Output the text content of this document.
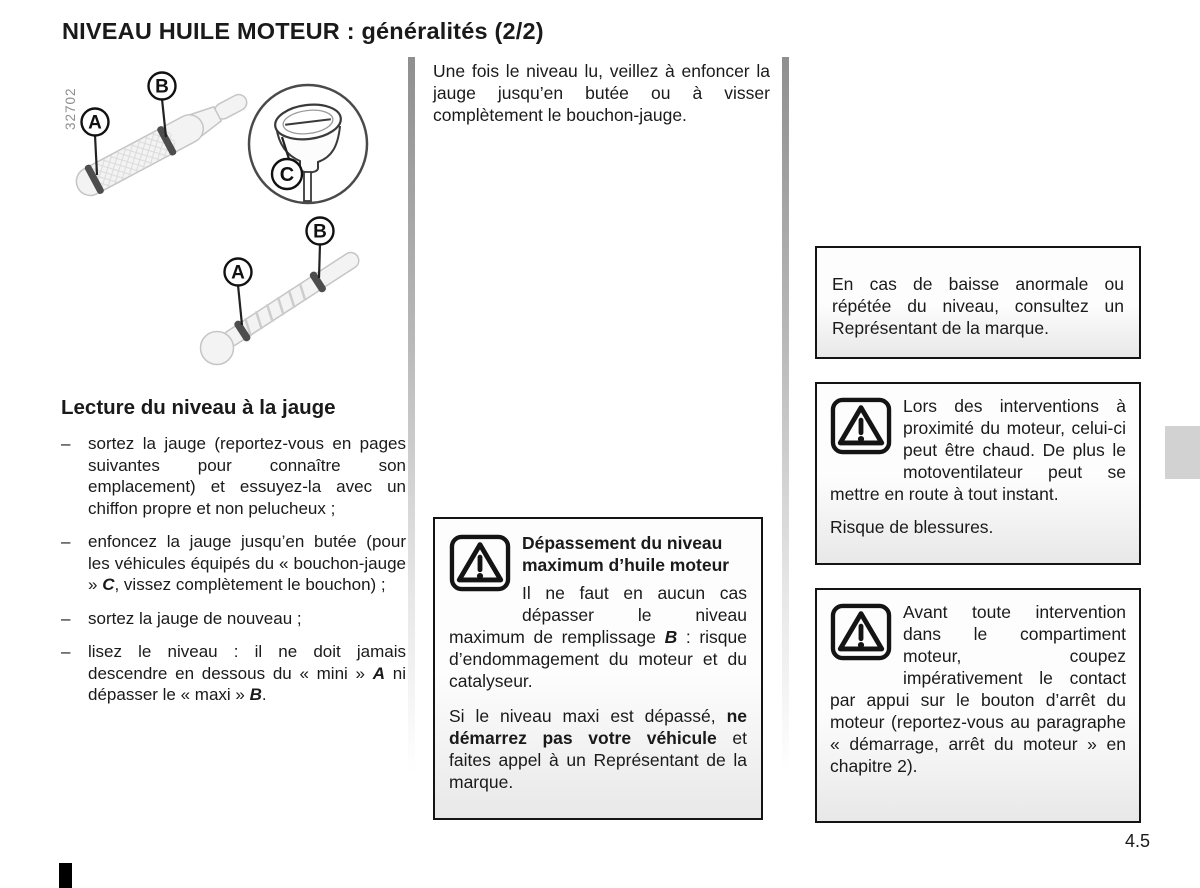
NIVEAU HUILE MOTEUR : généralités (2/2)
32702 A
B
C
A
B
Lecture du niveau à la jauge
–	sortez la jauge (reportez-vous en pages suivantes pour connaître son emplacement) et essuyez-la avec un chiffon propre et non pelucheux ;

–	enfoncez la jauge jusqu’en butée (pour les véhicules équipés du « bouchon-jauge » C, vissez complètement le bouchon) ;

–	sortez la jauge de nouveau ;

–	lisez le niveau : il ne doit jamais descendre en dessous du « mini » A ni dépasser le « maxi » B.

Une fois le niveau lu, veillez à enfoncer la jauge jusqu’en butée ou à visser complètement le bouchon-jauge.

Dépassement du niveau maximum d’huile moteur

Il ne faut en aucun cas dépasser le niveau maximum de remplissage B : risque d’endommagement du moteur et du catalyseur.

Si le niveau maxi est dépassé, ne démarrez pas votre véhicule et faites appel à un Représentant de la marque.

En cas de baisse anormale ou répétée du niveau, consultez un Représentant de la marque.

Lors des interventions à proximité du moteur, celui-ci peut être chaud. De plus le motoventilateur peut se mettre en route à tout instant.

Risque de blessures.

Avant toute intervention dans le compartiment moteur, coupez impérativement le contact par appui sur le bouton d’arrêt du moteur (reportez-vous au paragraphe « démarrage, arrêt du moteur » en chapitre 2).

4.5
